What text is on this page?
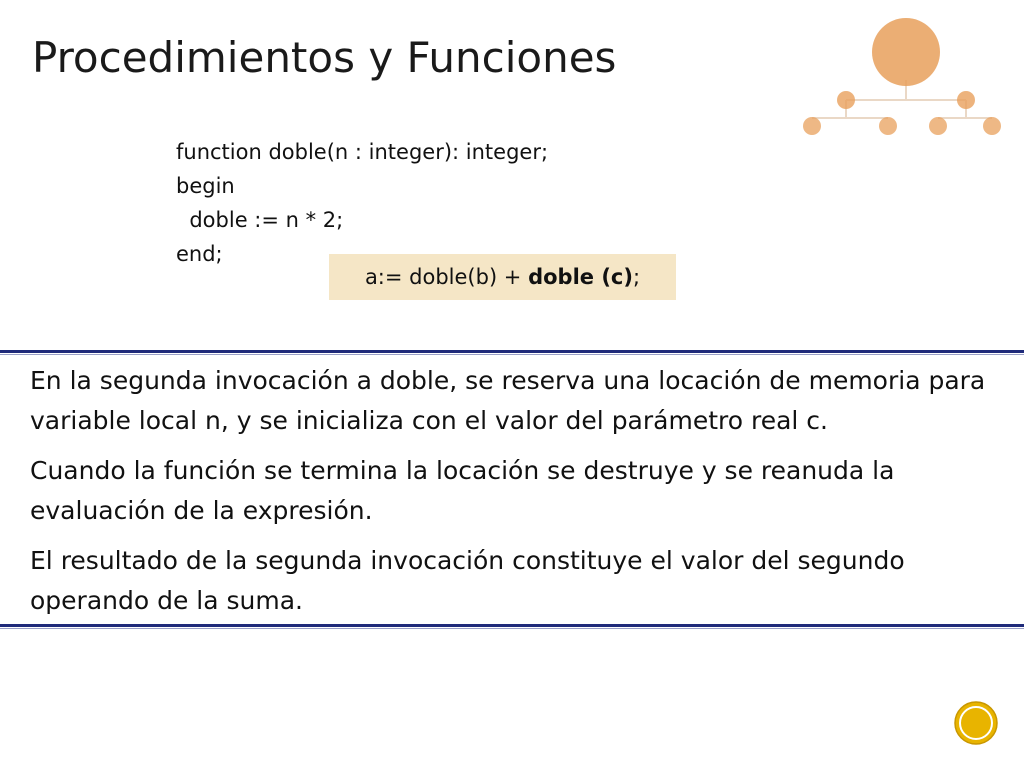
Procedimientos y Funciones
function doble(n : integer): integer;
begin
doble := n * 2;
end;
a:= doble(b) + doble (c) ;

En la segunda invocación a doble, se reserva una locación de memoria para variable local n, y se inicializa con el valor del parámetro real c.

Cuando la función se termina la locación se destruye y se reanuda la evaluación de la expresión.

El resultado de la segunda invocación constituye el valor del segundo operando de la suma.
